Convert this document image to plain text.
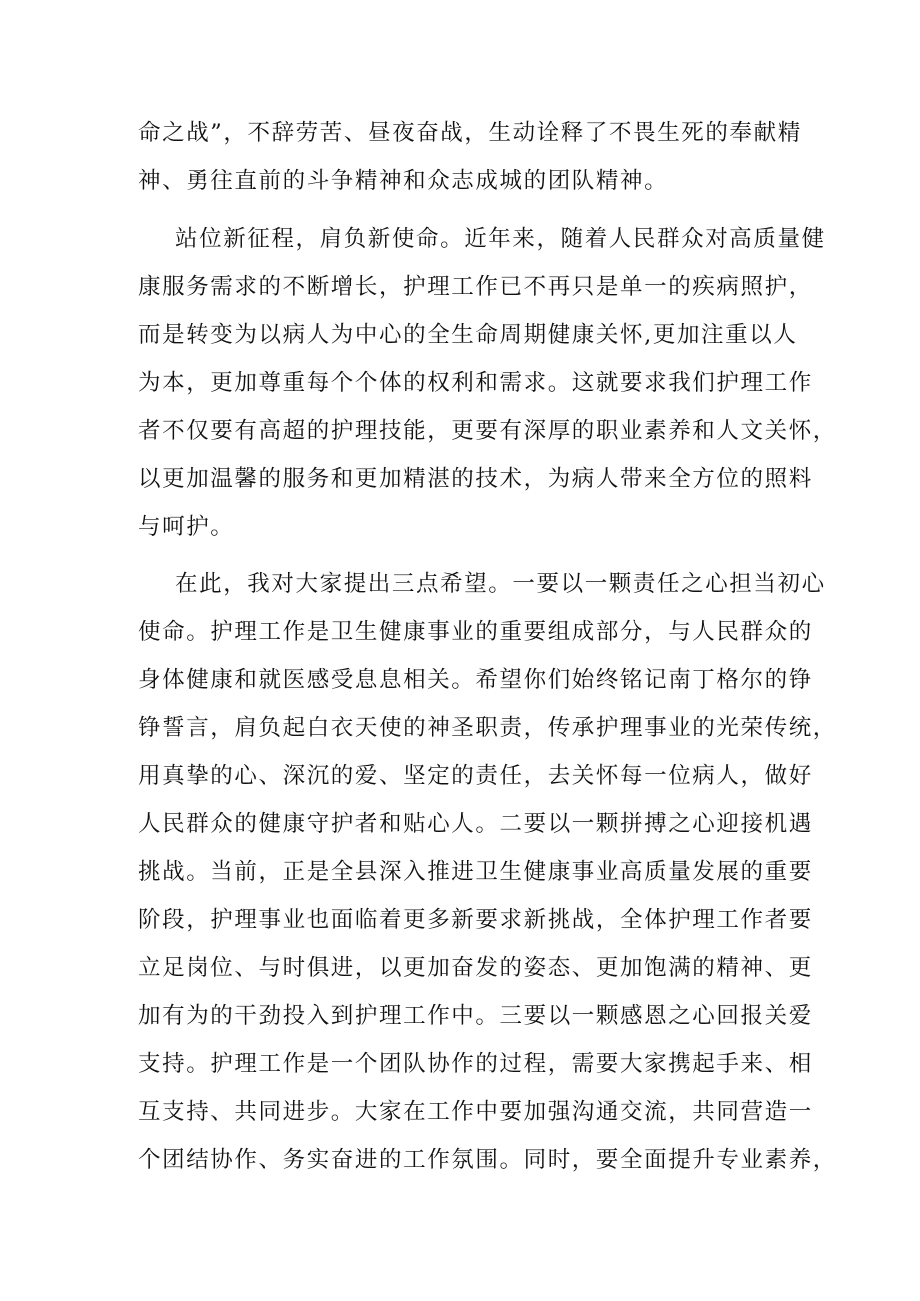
命之战”，不辞劳苦、昼夜奋战，生动诠释了不畏生死的奉献精
神、勇往直前的斗争精神和众志成城的团队精神。
站位新征程，肩负新使命。近年来，随着人民群众对高质量健
康服务需求的不断增长，护理工作已不再只是单一的疾病照护，
而是转变为以病人为中心的全生命周期健康关怀,更加注重以人
为本，更加尊重每个个体的权利和需求。这就要求我们护理工作
者不仅要有高超的护理技能，更要有深厚的职业素养和人文关怀，
以更加温馨的服务和更加精湛的技术，为病人带来全方位的照料
与呵护。
在此，我对大家提出三点希望。一要以一颗责任之心担当初心
使命。护理工作是卫生健康事业的重要组成部分，与人民群众的
身体健康和就医感受息息相关。希望你们始终铭记南丁格尔的铮
铮誓言，肩负起白衣天使的神圣职责，传承护理事业的光荣传统，
用真挚的心、深沉的爱、坚定的责任，去关怀每一位病人，做好
人民群众的健康守护者和贴心人。二要以一颗拼搏之心迎接机遇
挑战。当前，正是全县深入推进卫生健康事业高质量发展的重要
阶段，护理事业也面临着更多新要求新挑战，全体护理工作者要
立足岗位、与时俱进，以更加奋发的姿态、更加饱满的精神、更
加有为的干劲投入到护理工作中。三要以一颗感恩之心回报关爱
支持。护理工作是一个团队协作的过程，需要大家携起手来、相
互支持、共同进步。大家在工作中要加强沟通交流，共同营造一
个团结协作、务实奋进的工作氛围。同时，要全面提升专业素养，
